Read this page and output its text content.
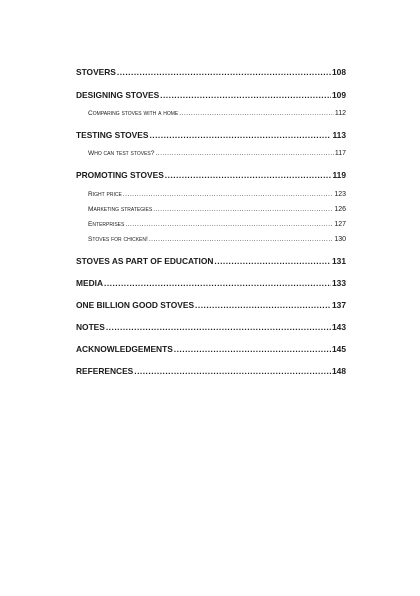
STOVERS .....	108
DESIGNING STOVES .....	109
Comparing stoves with a home .....	112
TESTING STOVES .....	113
Who can test stoves? .....	117
PROMOTING STOVES .....	119
Right price .....	123
Marketing strategies .....	126
Enterprises .....	127
Stoves for chicken! .....	130
STOVES AS PART OF EDUCATION .....	131
MEDIA .....	133
ONE BILLION GOOD STOVES .....	137
NOTES .....	143
ACKNOWLEDGEMENTS .....	145
REFERENCES .....	148
